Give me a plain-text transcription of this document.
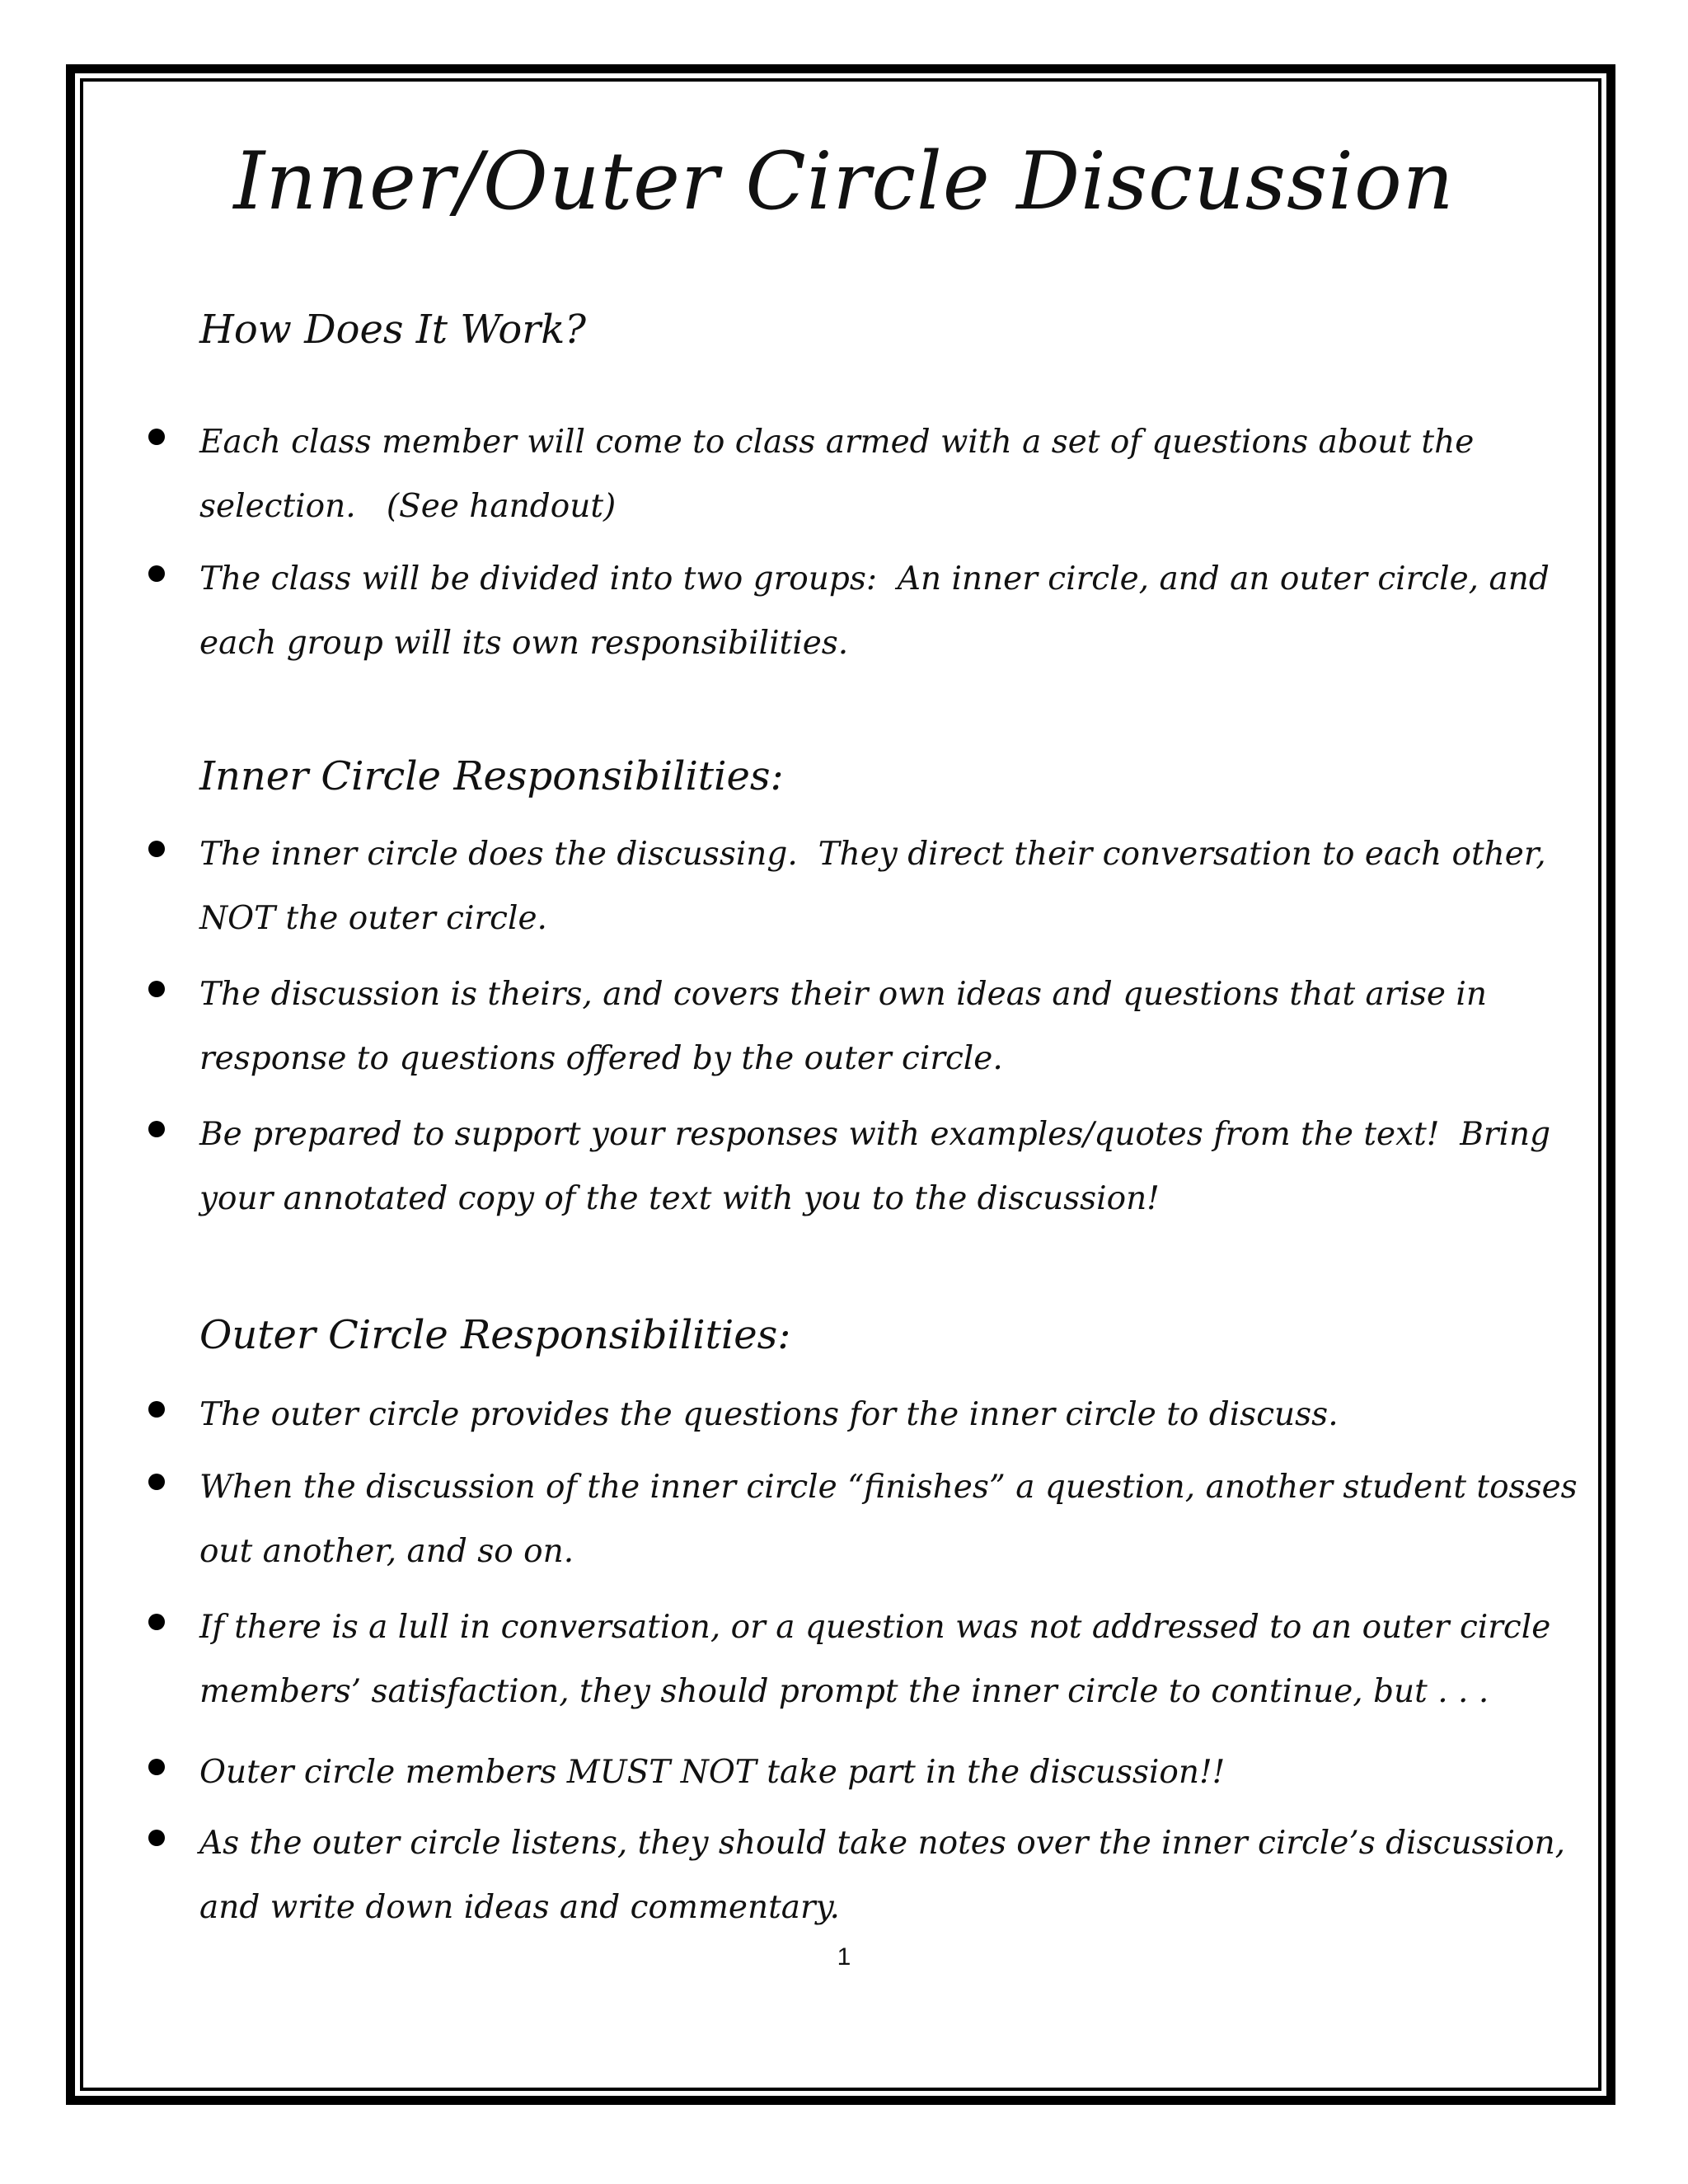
Inner/Outer Circle Discussion
How Does It Work?
Each class member will come to class armed with a set of questions about the selection.   (See handout)
The class will be divided into two groups:  An inner circle, and an outer circle, and each group will its own responsibilities.
Inner Circle Responsibilities:
The inner circle does the discussing.  They direct their conversation to each other, NOT the outer circle.
The discussion is theirs, and covers their own ideas and questions that arise in response to questions offered by the outer circle.
Be prepared to support your responses with examples/quotes from the text!  Bring your annotated copy of the text with you to the discussion!
Outer Circle Responsibilities:
The outer circle provides the questions for the inner circle to discuss.
When the discussion of the inner circle “finishes” a question, another student tosses out another, and so on.
If there is a lull in conversation, or a question was not addressed to an outer circle members’ satisfaction, they should prompt the inner circle to continue, but . . .
Outer circle members MUST NOT take part in the discussion!!
As the outer circle listens, they should take notes over the inner circle’s discussion, and write down ideas and commentary.
1
